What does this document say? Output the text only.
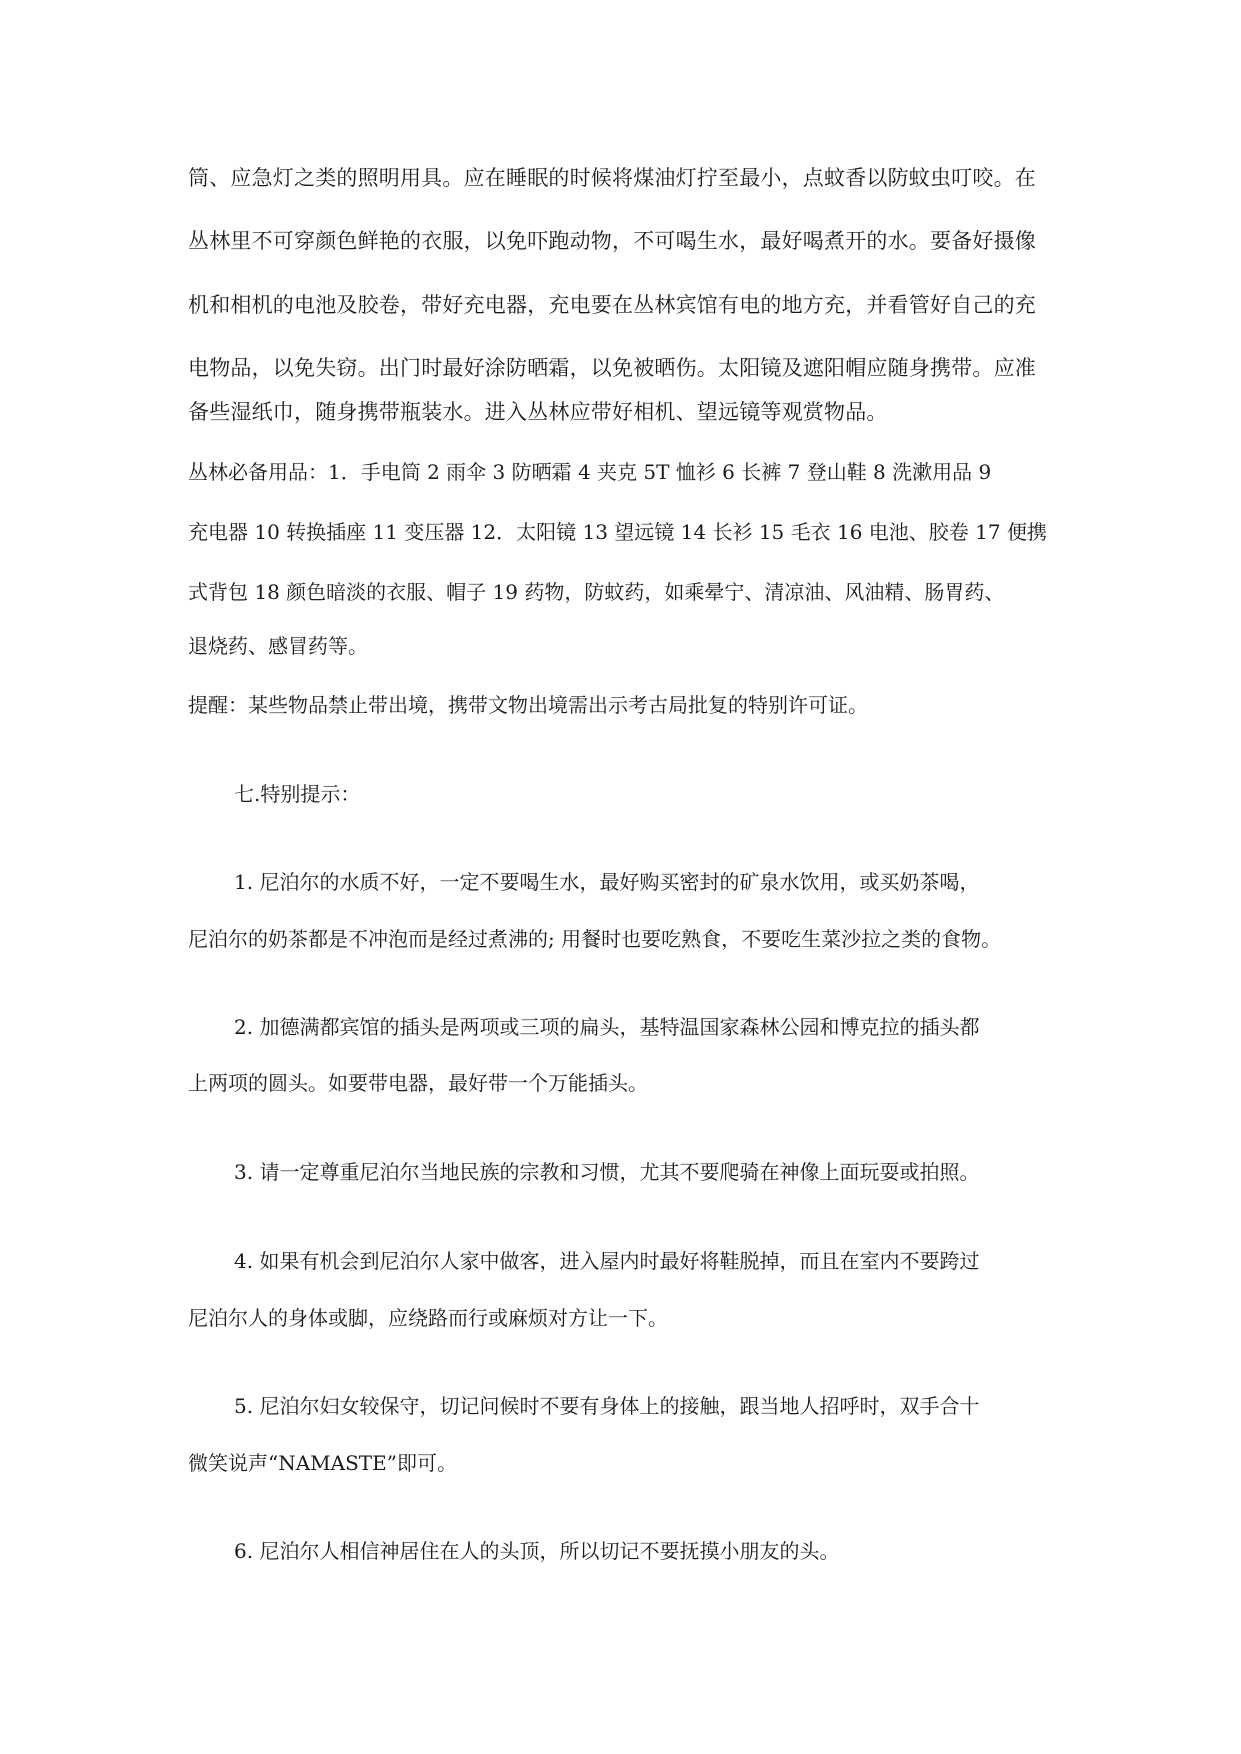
筒、应急灯之类的照明用具。应在睡眠的时候将煤油灯拧至最小，点蚊香以防蚊虫叮咬。在
丛林里不可穿颜色鲜艳的衣服，以免吓跑动物，不可喝生水，最好喝煮开的水。要备好摄像
机和相机的电池及胶卷，带好充电器，充电要在丛林宾馆有电的地方充，并看管好自己的充
电物品，以免失窃。出门时最好涂防晒霜，以免被晒伤。太阳镜及遮阳帽应随身携带。应准
备些湿纸巾，随身携带瓶装水。进入丛林应带好相机、望远镜等观赏物品。
丛林必备用品：1．手电筒 2 雨伞 3 防晒霜 4 夹克 5T 恤衫 6 长裤 7 登山鞋 8 洗漱用品 9
充电器 10 转换插座 11 变压器 12．太阳镜 13 望远镜 14 长衫 15 毛衣 16 电池、胶卷 17 便携
式背包 18 颜色暗淡的衣服、帽子 19 药物，防蚊药，如乘晕宁、清凉油、风油精、肠胃药、
退烧药、感冒药等。
提醒：某些物品禁止带出境，携带文物出境需出示考古局批复的特别许可证。
七.特别提示：
1. 尼泊尔的水质不好，一定不要喝生水，最好购买密封的矿泉水饮用，或买奶茶喝，
尼泊尔的奶茶都是不冲泡而是经过煮沸的; 用餐时也要吃熟食，不要吃生菜沙拉之类的食物。
2. 加德满都宾馆的插头是两项或三项的扁头，基特温国家森林公园和博克拉的插头都
上两项的圆头。如要带电器，最好带一个万能插头。
3. 请一定尊重尼泊尔当地民族的宗教和习惯，尤其不要爬骑在神像上面玩耍或拍照。
4. 如果有机会到尼泊尔人家中做客，进入屋内时最好将鞋脱掉，而且在室内不要跨过
尼泊尔人的身体或脚，应绕路而行或麻烦对方让一下。
5. 尼泊尔妇女较保守，切记问候时不要有身体上的接触，跟当地人招呼时，双手合十
微笑说声“NAMASTE”即可。
6. 尼泊尔人相信神居住在人的头顶，所以切记不要抚摸小朋友的头。
